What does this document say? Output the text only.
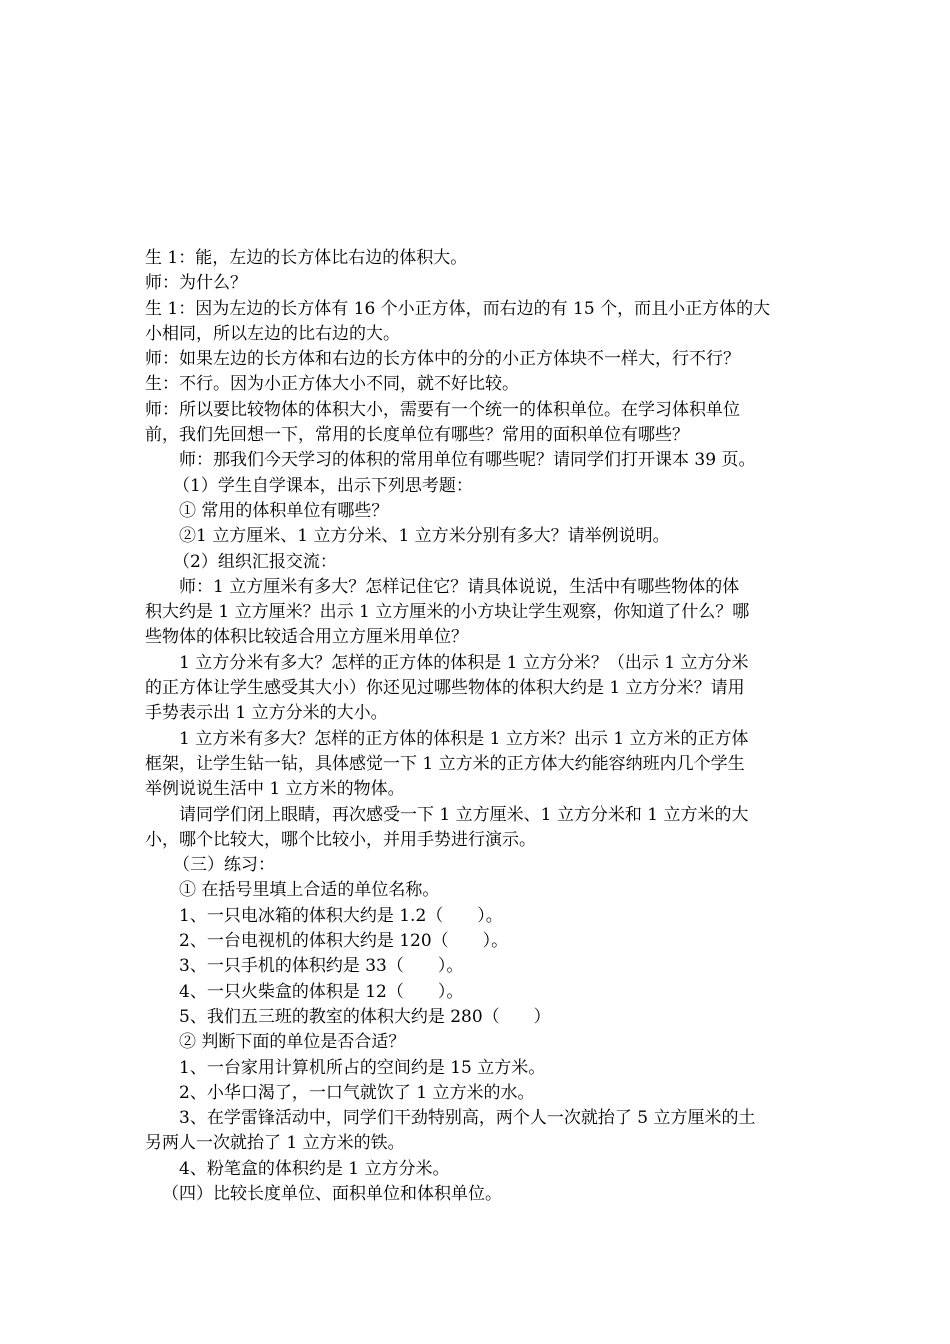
生 1：能，左边的长方体比右边的体积大。
师：为什么？
生 1：因为左边的长方体有 16 个小正方体，而右边的有 15 个，而且小正方体的大
小相同，所以左边的比右边的大。
师：如果左边的长方体和右边的长方体中的分的小正方体块不一样大，行不行？
生：不行。因为小正方体大小不同，就不好比较。
师：所以要比较物体的体积大小，需要有一个统一的体积单位。在学习体积单位
前，我们先回想一下，常用的长度单位有哪些？常用的面积单位有哪些？
师：那我们今天学习的体积的常用单位有哪些呢？请同学们打开课本 39 页。
（1）学生自学课本，出示下列思考题：
① 常用的体积单位有哪些？
②1 立方厘米、1 立方分米、1 立方米分别有多大？请举例说明。
（2）组织汇报交流：
师：1 立方厘米有多大？怎样记住它？请具体说说，生活中有哪些物体的体
积大约是 1 立方厘米？出示 1 立方厘米的小方块让学生观察，你知道了什么？哪
些物体的体积比较适合用立方厘米用单位？
1 立方分米有多大？怎样的正方体的体积是 1 立方分米？（出示 1 立方分米
的正方体让学生感受其大小）你还见过哪些物体的体积大约是 1 立方分米？请用
手势表示出 1 立方分米的大小。
1 立方米有多大？怎样的正方体的体积是 1 立方米？出示 1 立方米的正方体
框架，让学生钻一钻，具体感觉一下 1 立方米的正方体大约能容纳班内几个学生
举例说说生活中 1 立方米的物体。
请同学们闭上眼睛，再次感受一下 1 立方厘米、1 立方分米和 1 立方米的大
小，哪个比较大，哪个比较小，并用手势进行演示。
（三）练习：
① 在括号里填上合适的单位名称。
1、一只电冰箱的体积大约是 1.2（　　）。
2、一台电视机的体积大约是 120（　　）。
3、一只手机的体积约是 33（　　）。
4、一只火柴盒的体积是 12（　　）。
5、我们五三班的教室的体积大约是 280（　　）
② 判断下面的单位是否合适？
1、一台家用计算机所占的空间约是 15 立方米。
2、小华口渴了，一口气就饮了 1 立方米的水。
3、在学雷锋活动中，同学们干劲特别高，两个人一次就抬了 5 立方厘米的土
另两人一次就抬了 1 立方米的铁。
4、粉笔盒的体积约是 1 立方分米。
（四）比较长度单位、面积单位和体积单位。
